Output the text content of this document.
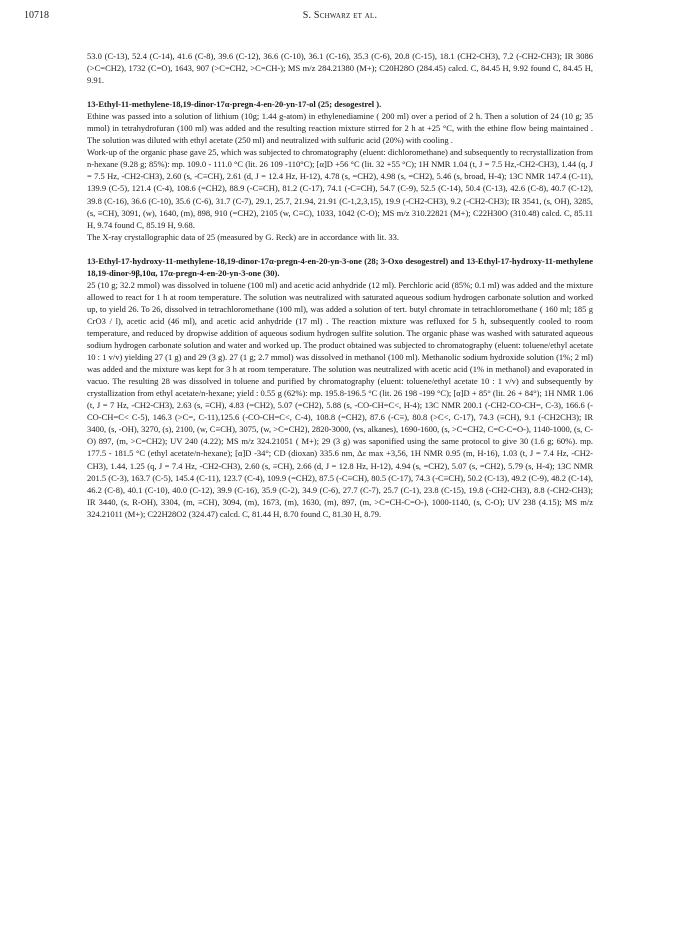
10718	S. Schwarz et al.

53.0 (C-13), 52.4 (C-14), 41.6 (C-8), 39.6 (C-12), 36.6 (C-10), 36.1 (C-16), 35.3 (C-6), 20.8 (C-15), 18.1 (CH2-CH3), 7.2 (-CH2-CH3); IR 3086 (>C=CH2), 1732 (C=O), 1643, 907 (>C=CH2, >C=CH-); MS m/z 284.21380 (M+); C20H28O (284.45) calcd. C, 84.45 H, 9.92 found C, 84.45 H, 9.91.

13-Ethyl-11-methylene-18,19-dinor-17α-pregn-4-en-20-yn-17-ol (25; desogestrel ).

Ethine was passed into a solution of lithium (10g; 1.44 g-atom) in ethylenediamine ( 200 ml) over a period of 2 h. Then a solution of 24 (10 g; 35 mmol) in tetrahydrofuran (100 ml) was added and the resulting reaction mixture stirred for 2 h at +25 °C, with the ethine flow being maintained . The solution was diluted with ethyl acetate (250 ml) and neutralized with sulfuric acid (20%) with cooling .

Work-up of the organic phase gave 25, which was subjected to chromatography (eluent: dichloromethane) and subsequently to recrystallization from n-hexane (9.28 g; 85%): mp. 109.0 - 111.0 °C (lit. 26 109 -110°C); [α]D +56 °C (lit. 32 +55 °C); 1H NMR 1.04 (t, J = 7.5 Hz,-CH2-CH3), 1.44 (q, J = 7.5 Hz, -CH2-CH3), 2.60 (s, -C≡CH), 2.61 (d, J = 12.4 Hz, H-12), 4.78 (s, =CH2), 4.98 (s, =CH2), 5.46 (s, broad, H-4); 13C NMR 147.4 (C-11), 139.9 (C-5), 121.4 (C-4), 108.6 (=CH2), 88.9 (-C≡CH), 81.2 (C-17), 74.1 (-C≡CH), 54.7 (C-9), 52.5 (C-14), 50.4 (C-13), 42.6 (C-8), 40.7 (C-12), 39.8 (C-16), 36.6 (C-10), 35.6 (C-6), 31.7 (C-7), 29.1, 25.7, 21.94, 21.91 (C-1,2,3,15), 19.9 (-CH2-CH3), 9.2 (-CH2-CH3); IR 3541, (s, OH), 3285, (s, ≡CH), 3091, (w), 1640, (m), 898, 910 (=CH2), 2105 (w, C≡C), 1033, 1042 (C-O); MS m/z 310.22821 (M+); C22H30O (310.48) calcd. C, 85.11 H, 9.74 found C, 85.19 H, 9.68.

The X-ray crystallographic data of 25 (measured by G. Reck) are in accordance with lit. 33.

13-Ethyl-17-hydroxy-11-methylene-18,19-dinor-17α-pregn-4-en-20-yn-3-one (28; 3-Oxo desogestrel) and 13-Ethyl-17-hydroxy-11-methylene 18,19-dinor-9β,10α, 17α-pregn-4-en-20-yn-3-one (30).

25 (10 g; 32.2 mmol) was dissolved in toluene (100 ml) and acetic acid anhydride (12 ml). Perchloric acid (85%; 0.1 ml) was added and the mixture allowed to react for 1 h at room temperature. The solution was neutralized with saturated aqueous sodium hydrogen carbonate solution and worked up, to yield 26. To 26, dissolved in tetrachloromethane (100 ml), was added a solution of tert. butyl chromate in tetrachloromethane ( 160 ml; 185 g CrO3 / l), acetic acid (46 ml), and acetic acid anhydride (17 ml) . The reaction mixture was refluxed for 5 h, subsequently cooled to room temperature, and reduced by dropwise addition of aqueous sodium hydrogen sulfite solution. The organic phase was washed with saturated aqueous sodium hydrogen carbonate solution and water and worked up. The product obtained was subjected to chromatography (eluent: toluene/ethyl acetate 10 : 1 v/v) yielding 27 (1 g) and 29 (3 g). 27 (1 g; 2.7 mmol) was dissolved in methanol (100 ml). Methanolic sodium hydroxide solution (1%; 2 ml) was added and the mixture was kept for 3 h at room temperature. The solution was neutralized with acetic acid (1% in methanol) and evaporated in vacuo. The resulting 28 was dissolved in toluene and purified by chromatography (eluent: toluene/ethyl acetate 10 : 1 v/v) and subsequently by crystallization from ethyl acetate/n-hexane; yield : 0.55 g (62%): mp. 195.8-196.5 °C (lit. 26 198 -199 °C); [α]D + 85° (lit. 26 + 84°); 1H NMR 1.06 (t, J = 7 Hz, -CH2-CH3), 2.63 (s, ≡CH), 4.83 (=CH2), 5.07 (=CH2), 5.88 (s, -CO-CH=C<, H-4); 13C NMR 200.1 (-CH2-CO-CH=, C-3), 166.6 (-CO-CH=C< C-5), 146.3 (>C=, C-11),125.6 (-CO-CH=C<, C-4), 108.8 (=CH2), 87.6 (-C≡), 80.8 (>C<, C-17), 74.3 (≡CH), 9.1 (-CH2CH3); IR 3400, (s, -OH), 3270, (s), 2100, (w, C≡CH), 3075, (w, >C=CH2), 2820-3000, (vs, alkanes), 1690-1600, (s, >C=CH2, C=C-C=O-), 1140-1000, (s, C-O) 897, (m, >C=CH2); UV 240 (4.22); MS m/z 324.21051 ( M+); 29 (3 g) was saponified using the same protocol to give 30 (1.6 g; 60%). mp. 177.5 - 181.5 °C (ethyl acetate/n-hexane); [α]D -34°; CD (dioxan) 335.6 nm, Δε max +3,56, 1H NMR 0.95 (m, H-16), 1.03 (t, J = 7.4 Hz, -CH2-CH3), 1.44, 1.25 (q, J = 7.4 Hz, -CH2-CH3), 2.60 (s, ≡CH), 2.66 (d, J = 12.8 Hz, H-12), 4.94 (s, =CH2), 5.07 (s, =CH2), 5.79 (s, H-4); 13C NMR 201.5 (C-3), 163.7 (C-5), 145.4 (C-11), 123.7 (C-4), 109.9 (=CH2), 87.5 (-C≡CH), 80.5 (C-17), 74.3 (-C≡CH), 50.2 (C-13), 49.2 (C-9), 48.2 (C-14), 46.2 (C-8), 40.1 (C-10), 40.0 (C-12), 39.9 (C-16), 35.9 (C-2), 34.9 (C-6), 27.7 (C-7), 25.7 (C-1), 23.8 (C-15), 19.8 (-CH2-CH3), 8.8 (-CH2-CH3); IR 3440, (s, R-OH), 3304, (m, ≡CH), 3094, (m), 1673, (m), 1630, (m), 897, (m, >C=CH-C=O-), 1000-1140, (s, C-O); UV 238 (4.15); MS m/z 324.21011 (M+); C22H28O2 (324.47) calcd. C, 81.44 H, 8.70 found C, 81.30 H, 8.79.
